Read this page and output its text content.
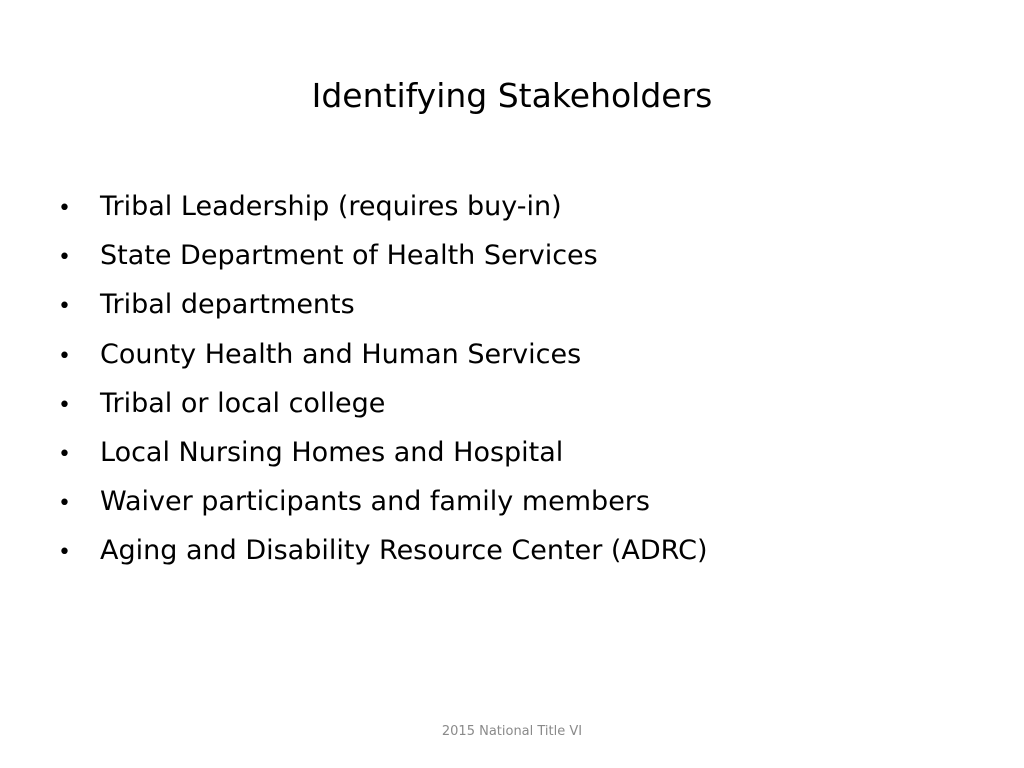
Identifying Stakeholders
•	Tribal Leadership (requires buy-in)
•	State Department of Health Services
•	Tribal departments
•	County Health and Human Services
•	Tribal or local college
•	Local Nursing Homes and Hospital
•	Waiver participants and family members
•	Aging and Disability Resource Center (ADRC)
2015 National Title VI
